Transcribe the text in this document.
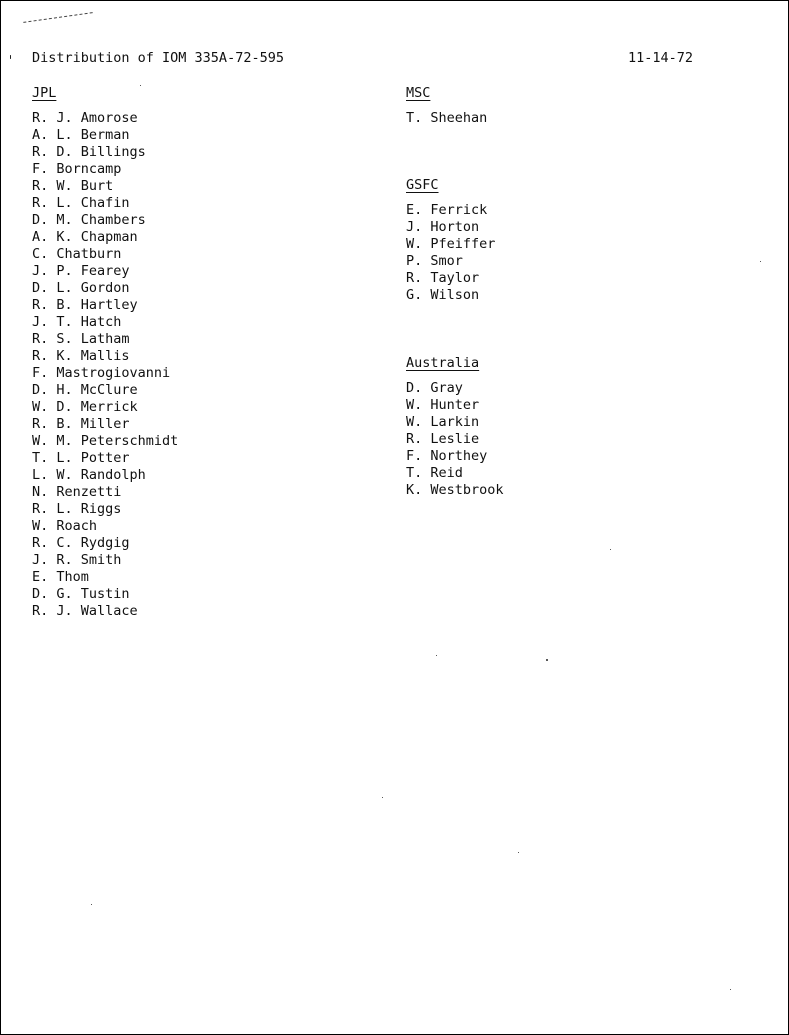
Distribution of IOM 335A-72-595	11-14-72
JPL
R. J. Amorose
A. L. Berman
R. D. Billings
F. Borncamp
R. W. Burt
R. L. Chafin
D. M. Chambers
A. K. Chapman
C. Chatburn
J. P. Fearey
D. L. Gordon
R. B. Hartley
J. T. Hatch
R. S. Latham
R. K. Mallis
F. Mastrogiovanni
D. H. McClure
W. D. Merrick
R. B. Miller
W. M. Peterschmidt
T. L. Potter
L. W. Randolph
N. Renzetti
R. L. Riggs
W. Roach
R. C. Rydgig
J. R. Smith
E. Thom
D. G. Tustin
R. J. Wallace
MSC
T. Sheehan
GSFC
E. Ferrick
J. Horton
W. Pfeiffer
P. Smor
R. Taylor
G. Wilson
Australia
D. Gray
W. Hunter
W. Larkin
R. Leslie
F. Northey
T. Reid
K. Westbrook
